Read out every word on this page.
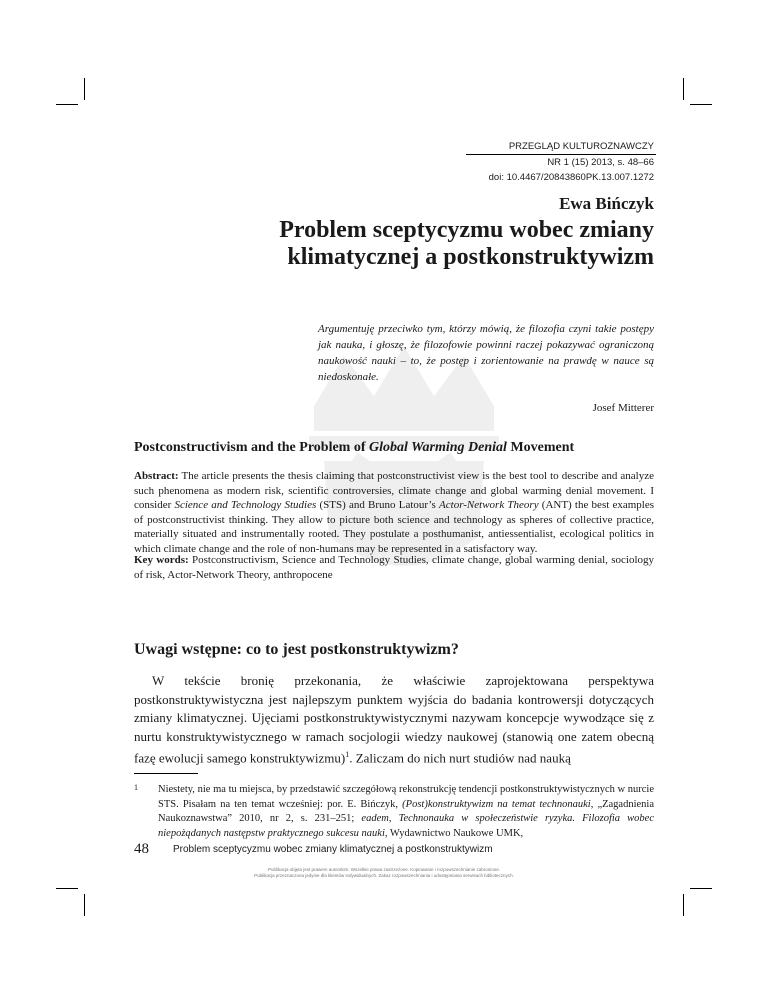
PRZEGLĄD KULTUROZNAWCZY
NR 1 (15) 2013, s. 48–66
doi: 10.4467/20843860PK.13.007.1272
Ewa Bińczyk
Problem sceptycyzmu wobec zmiany
klimatycznej a postkonstruktywizm
Argumentuję przeciwko tym, którzy mówią, że filozofia czyni takie postępy jak nauka, i głoszę, że filozofowie powinni raczej pokazywać ograniczoną naukowość nauki – to, że postęp i zorientowanie na prawdę w nauce są niedoskonałe.
Josef Mitterer
Postconstructivism and the Problem of Global Warming Denial Movement
Abstract: The article presents the thesis claiming that postconstructivist view is the best tool to describe and analyze such phenomena as modern risk, scientific controversies, climate change and global warming denial movement. I consider Science and Technology Studies (STS) and Bruno Latour’s Actor-Network Theory (ANT) the best examples of postconstructivist thinking. They allow to picture both science and technology as spheres of collective practice, materially situated and instrumentally rooted. They postulate a posthumanist, antiessentialist, ecological politics in which climate change and the role of non-humans may be represented in a satisfactory way.
Key words: Postconstructivism, Science and Technology Studies, climate change, global warming denial, sociology of risk, Actor-Network Theory, anthropocene
Uwagi wstępne: co to jest postkonstruktywizm?
W tekście bronię przekonania, że właściwie zaprojektowana perspektywa postkonstruktywistyczna jest najlepszym punktem wyjścia do badania kontrowersji dotyczących zmiany klimatycznej. Ujęciami postkonstruktywistycznymi nazywam koncepcje wywodzące się z nurtu konstruktywistycznego w ramach socjologii wiedzy naukowej (stanowią one zatem obecną fazę ewolucji samego konstruktywizmu)$^1$. Zaliczam do nich nurt studiów nad nauką
1	Niestety, nie ma tu miejsca, by przedstawić szczegółową rekonstrukcję tendencji postkonstruktywistycznych w nurcie STS. Pisałam na ten temat wcześniej: por. E. Bińczyk, (Post)konstruktywizm na temat technonauki, „Zagadnienia Naukoznawstwa” 2010, nr 2, s. 231–251; eadem, Technonauka w społeczeństwie ryzyka. Filozofia wobec niepożądanych następstw praktycznego sukcesu nauki, Wydawnictwo Naukowe UMK,
48 Problem sceptycyzmu wobec zmiany klimatycznej a postkonstruktywizm
Publikacja objęta jest prawem autorskim. Wszelkie prawa zastrzeżone. Kopiowanie i rozpowszechnianie zabronione.
Publikacja przeznaczona jedynie dla klientów indywidualnych. Zakaz rozpowszechniania i udostępniania serwisach bibliotecznych.
